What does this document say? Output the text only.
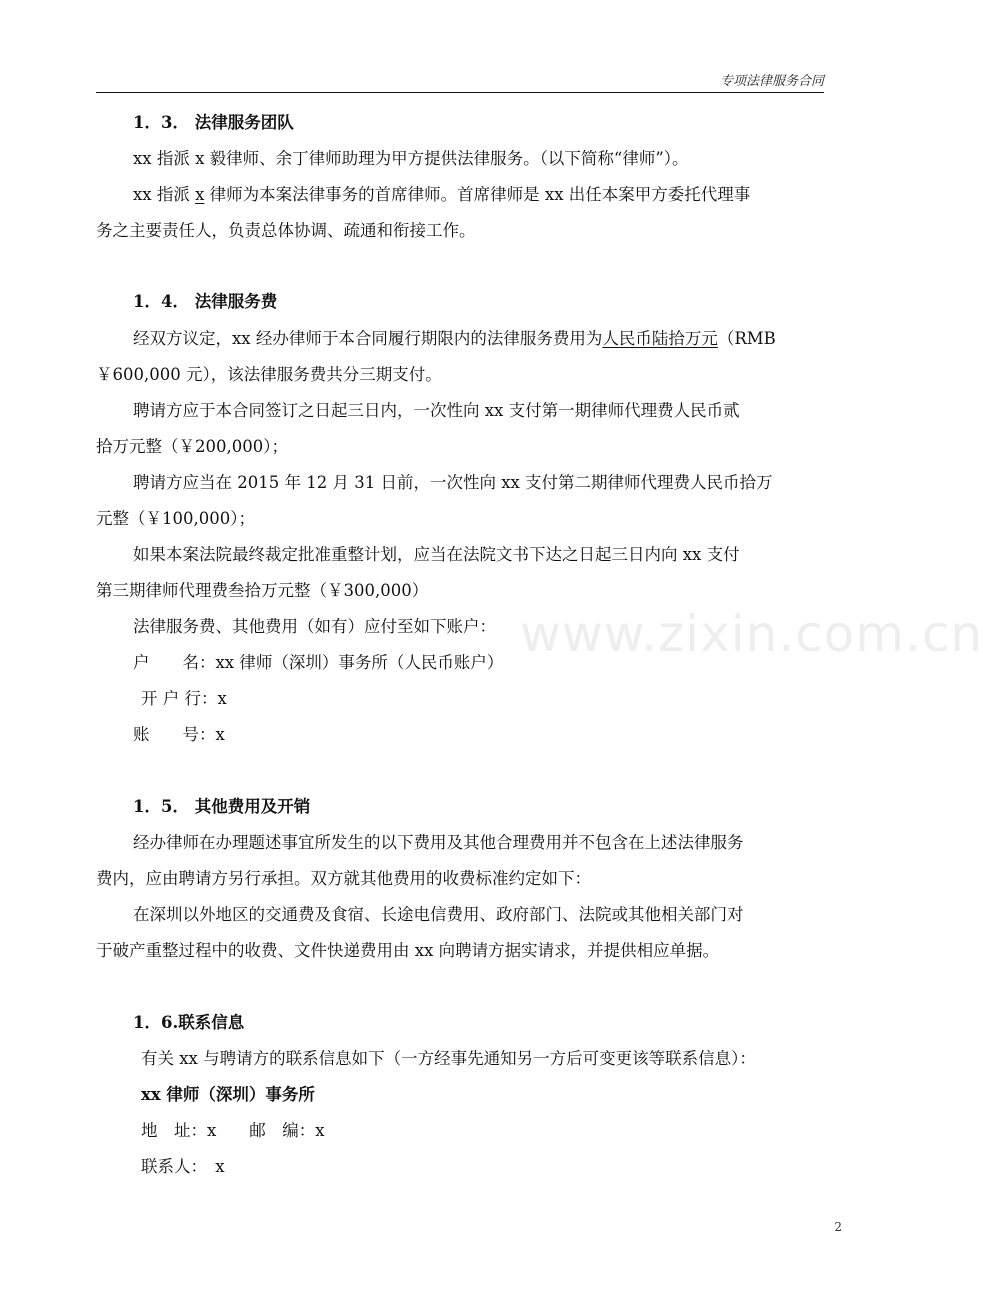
专项法律服务合同
1．3． 法律服务团队
xx 指派 x 毅律师、余丁律师助理为甲方提供法律服务。（以下简称“律师”）。
xx 指派 x 律师为本案法律事务的首席律师。首席律师是 xx 出任本案甲方委托代理事
务之主要责任人，负责总体协调、疏通和衔接工作。
1．4． 法律服务费
经双方议定，xx 经办律师于本合同履行期限内的法律服务费用为人民币陆拾万元（RMB
￥600,000 元），该法律服务费共分三期支付。
聘请方应于本合同签订之日起三日内，一次性向 xx 支付第一期律师代理费人民币贰
拾万元整（￥200,000）；
聘请方应当在 2015 年 12 月 31 日前，一次性向 xx 支付第二期律师代理费人民币拾万
元整（￥100,000）；
如果本案法院最终裁定批准重整计划，应当在法院文书下达之日起三日内向 xx 支付
第三期律师代理费叁拾万元整（￥300,000）
法律服务费、其他费用（如有）应付至如下账户：
户　　名：xx 律师（深圳）事务所（人民币账户）
开 户 行：x
账　　号：x
1．5． 其他费用及开销
经办律师在办理题述事宜所发生的以下费用及其他合理费用并不包含在上述法律服务
费内，应由聘请方另行承担。双方就其他费用的收费标准约定如下：
在深圳以外地区的交通费及食宿、长途电信费用、政府部门、法院或其他相关部门对
于破产重整过程中的收费、文件快递费用由 xx 向聘请方据实请求，并提供相应单据。
1．6.联系信息
有关 xx 与聘请方的联系信息如下（一方经事先通知另一方后可变更该等联系信息）：
xx 律师（深圳）事务所
地　址：x　　邮　编：x
联系人：　x
www.zixin.com.cn
2
